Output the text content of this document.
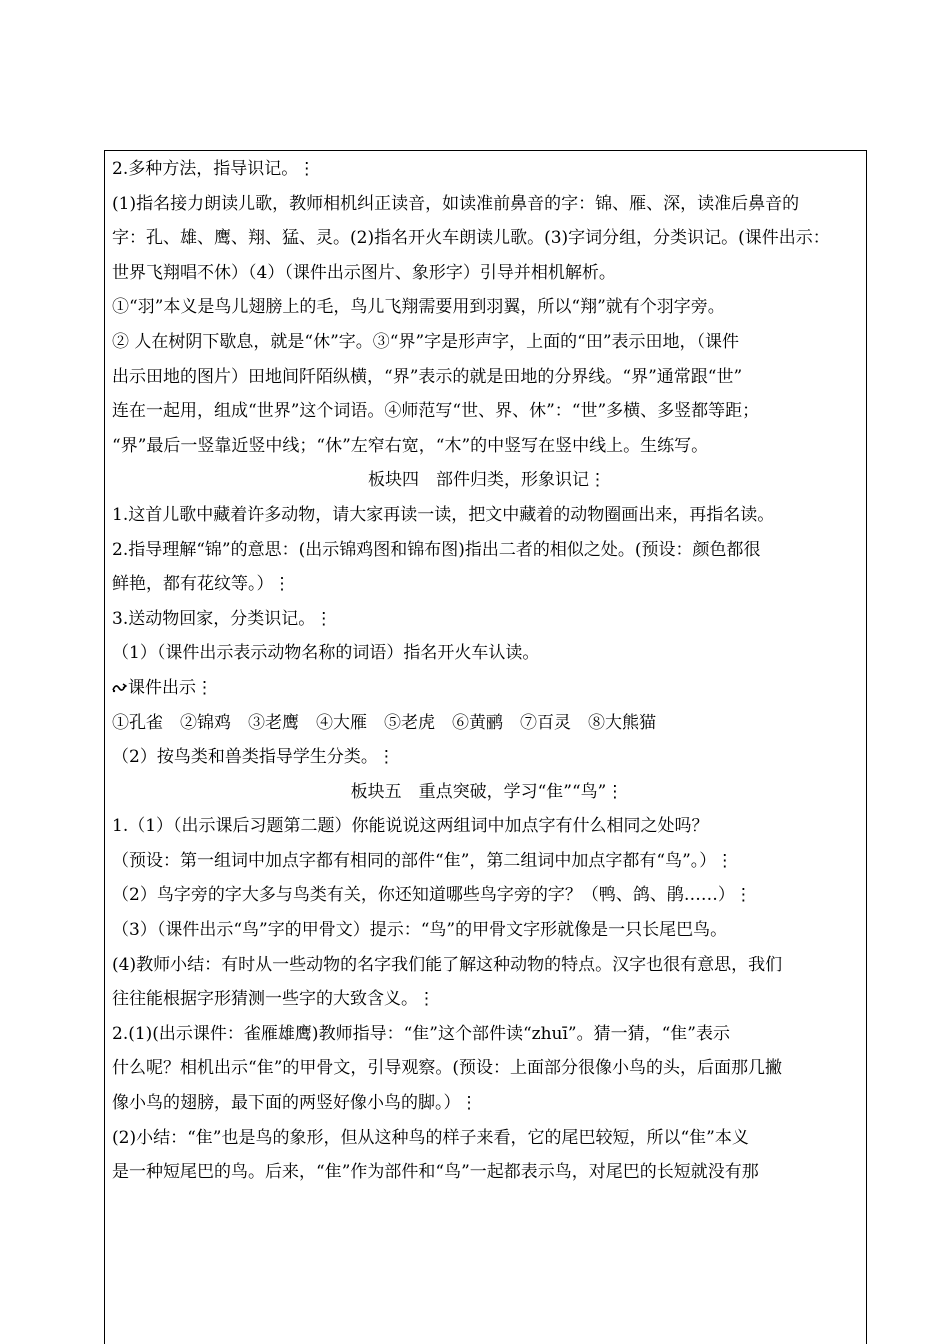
2.多种方法，指导识记。⋮
(1)指名接力朗读儿歌，教师相机纠正读音，如读准前鼻音的字：锦、雁、深，读准后鼻音的
字：孔、雄、鹰、翔、猛、灵。(2)指名开火车朗读儿歌。(3)字词分组，分类识记。(课件出示：
世界飞翔唱不休）（4）（课件出示图片、象形字）引导并相机解析。
①“羽”本义是鸟儿翅膀上的毛，鸟儿飞翔需要用到羽翼，所以“翔”就有个羽字旁。
② 人在树阴下歇息，就是“休”字。③“界”字是形声字，上面的“田”表示田地，（课件
出示田地的图片）田地间阡陌纵横，“界”表示的就是田地的分界线。“界”通常跟“世”
连在一起用，组成“世界”这个词语。④师范写“世、界、休”：“世”多横、多竖都等距；
“界”最后一竖靠近竖中线；“休”左窄右宽，“木”的中竖写在竖中线上。生练写。
板块四　部件归类，形象识记⋮
1.这首儿歌中藏着许多动物，请大家再读一读，把文中藏着的动物圈画出来，再指名读。
2.指导理解“锦”的意思：(出示锦鸡图和锦布图)指出二者的相似之处。(预设：颜色都很
鲜艳，都有花纹等。）⋮
3.送动物回家，分类识记。⋮
（1）（课件出示表示动物名称的词语）指名开火车认读。
课件出示⋮
①孔雀　②锦鸡　③老鹰　④大雁　⑤老虎　⑥黄鹂　⑦百灵　⑧大熊猫
（2）按鸟类和兽类指导学生分类。⋮
板块五　重点突破，学习“隹”“鸟”⋮
1.（1）（出示课后习题第二题）你能说说这两组词中加点字有什么相同之处吗？
（预设：第一组词中加点字都有相同的部件“隹”，第二组词中加点字都有“鸟”。）⋮
（2）鸟字旁的字大多与鸟类有关，你还知道哪些鸟字旁的字？（鸭、鸽、鹃……）⋮
（3）（课件出示“鸟”字的甲骨文）提示：“鸟”的甲骨文字形就像是一只长尾巴鸟。
(4)教师小结：有时从一些动物的名字我们能了解这种动物的特点。汉字也很有意思，我们
往往能根据字形猜测一些字的大致含义。⋮
2.(1)(出示课件：雀雁雄鹰)教师指导：“隹”这个部件读“zhuī”。猜一猜，“隹”表示
什么呢？相机出示“隹”的甲骨文，引导观察。(预设：上面部分很像小鸟的头，后面那几撇
像小鸟的翅膀，最下面的两竖好像小鸟的脚。）⋮
(2)小结：“隹”也是鸟的象形，但从这种鸟的样子来看，它的尾巴较短，所以“隹”本义
是一种短尾巴的鸟。后来，“隹”作为部件和“鸟”一起都表示鸟，对尾巴的长短就没有那
